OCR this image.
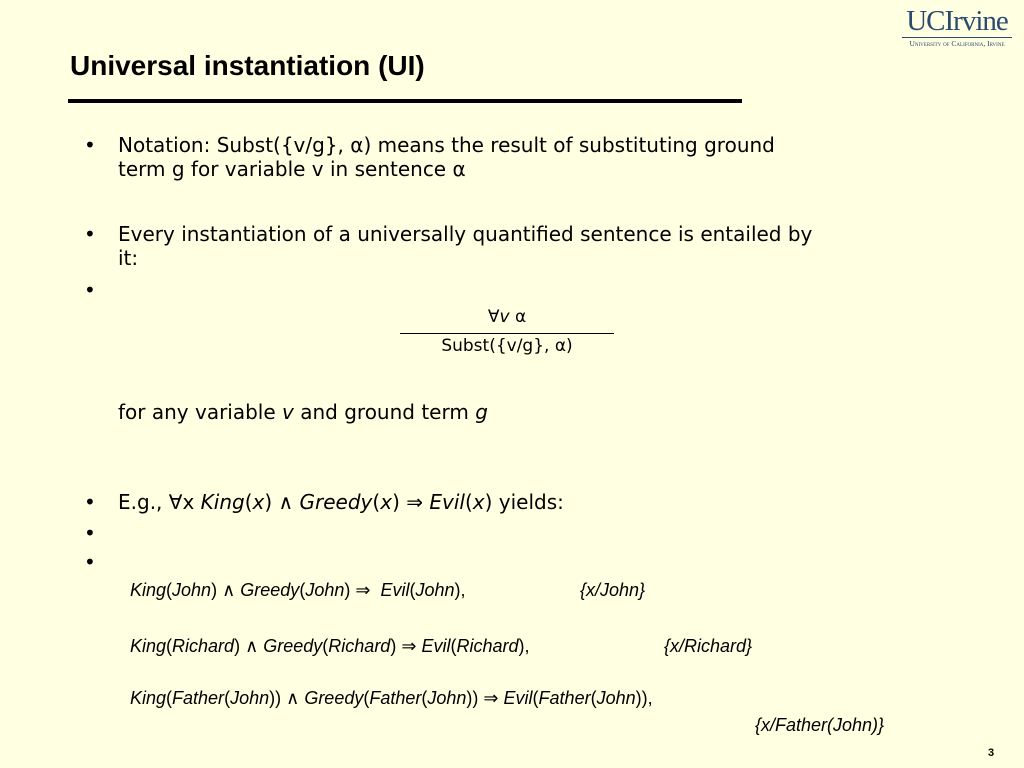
UCIrvine
University of California, Irvine
Universal instantiation (UI)
• Notation: Subst({v/g}, α) means the result of substituting ground
term g for variable v in sentence α
• Every instantiation of a universally quantified sentence is entailed by
it:
•
∀v α
Subst({v/g}, α)
for any variable v and ground term g
• E.g., ∀x King(x) ∧ Greedy(x) ⇒ Evil(x) yields:
•
•
King(John) ∧ Greedy(John) ⇒ Evil(John),	{x/John}
King(Richard) ∧ Greedy(Richard) ⇒ Evil(Richard),	{x/Richard}
King(Father(John)) ∧ Greedy(Father(John)) ⇒ Evil(Father(John)),
{x/Father(John)}
3
